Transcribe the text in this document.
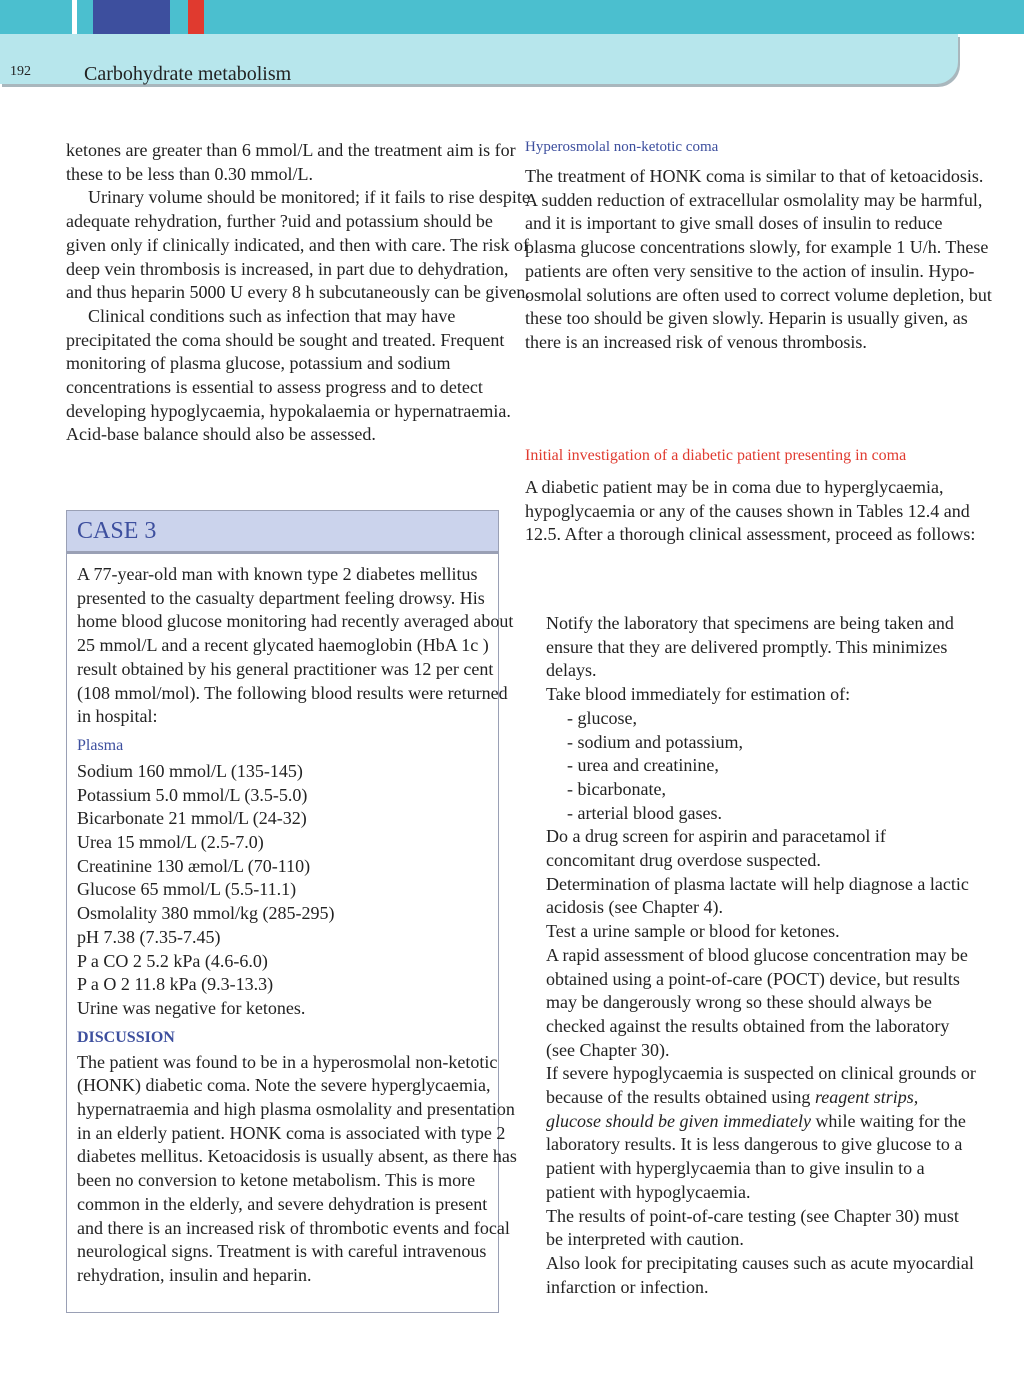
192	Carbohydrate metabolism

ketones are greater than 6 mmol/L and the treatment aim is for these to be less than 0.30 mmol/L.

Urinary volume should be monitored; if it fails to rise despite adequate rehydration, further ?uid and potassium should be given only if clinically indicated, and then with care. The risk of deep vein thrombosis is increased, in part due to dehydration, and thus heparin 5000 U every 8 h subcutaneously can be given.

Clinical conditions such as infection that may have precipitated the coma should be sought and treated. Frequent monitoring of plasma glucose, potassium and sodium concentrations is essential to assess progress and to detect developing hypoglycaemia, hypokalaemia or hypernatraemia. Acid-base balance should also be assessed.

CASE 3

A 77-year-old man with known type 2 diabetes mellitus presented to the casualty department feeling drowsy. His home blood glucose monitoring had recently averaged about 25 mmol/L and a recent glycated haemoglobin (HbA 1c ) result obtained by his general practitioner was 12 per cent (108 mmol/mol). The following blood results were returned in hospital:

Plasma

Sodium 160 mmol/L (135-145)
Potassium 5.0 mmol/L (3.5-5.0)
Bicarbonate 21 mmol/L (24-32)
Urea 15 mmol/L (2.5-7.0)
Creatinine 130 æmol/L (70-110)
Glucose 65 mmol/L (5.5-11.1)
Osmolality 380 mmol/kg (285-295)
pH 7.38 (7.35-7.45)
P a CO 2 5.2 kPa (4.6-6.0)
P a O 2 11.8 kPa (9.3-13.3)
Urine was negative for ketones.

DISCUSSION

The patient was found to be in a hyperosmolal non-ketotic (HONK) diabetic coma. Note the severe hyperglycaemia, hypernatraemia and high plasma osmolality and presentation in an elderly patient. HONK coma is associated with type 2 diabetes mellitus. Ketoacidosis is usually absent, as there has been no conversion to ketone metabolism. This is more common in the elderly, and severe dehydration is present and there is an increased risk of thrombotic events and focal neurological signs. Treatment is with careful intravenous rehydration, insulin and heparin.

Hyperosmolal non-ketotic coma

The treatment of HONK coma is similar to that of ketoacidosis. A sudden reduction of extracellular osmolality may be harmful, and it is important to give small doses of insulin to reduce plasma glucose concentrations slowly, for example 1 U/h. These patients are often very sensitive to the action of insulin. Hypo-osmolal solutions are often used to correct volume depletion, but these too should be given slowly. Heparin is usually given, as there is an increased risk of venous thrombosis.

Initial investigation of a diabetic patient presenting in coma

A diabetic patient may be in coma due to hyperglycaemia, hypoglycaemia or any of the causes shown in Tables 12.4 and 12.5. After a thorough clinical assessment, proceed as follows:

Notify the laboratory that specimens are being taken and ensure that they are delivered promptly. This minimizes delays.
Take blood immediately for estimation of:
- glucose,
- sodium and potassium,
- urea and creatinine,
- bicarbonate,
- arterial blood gases.
Do a drug screen for aspirin and paracetamol if concomitant drug overdose suspected.
Determination of plasma lactate will help diagnose a lactic acidosis (see Chapter 4).
Test a urine sample or blood for ketones.
A rapid assessment of blood glucose concentration may be obtained using a point-of-care (POCT) device, but results may be dangerously wrong so these should always be checked against the results obtained from the laboratory (see Chapter 30).
If severe hypoglycaemia is suspected on clinical grounds or because of the results obtained using reagent strips, glucose should be given immediately while waiting for the laboratory results. It is less dangerous to give glucose to a patient with hyperglycaemia than to give insulin to a patient with hypoglycaemia.
The results of point-of-care testing (see Chapter 30) must be interpreted with caution.
Also look for precipitating causes such as acute myocardial infarction or infection.
